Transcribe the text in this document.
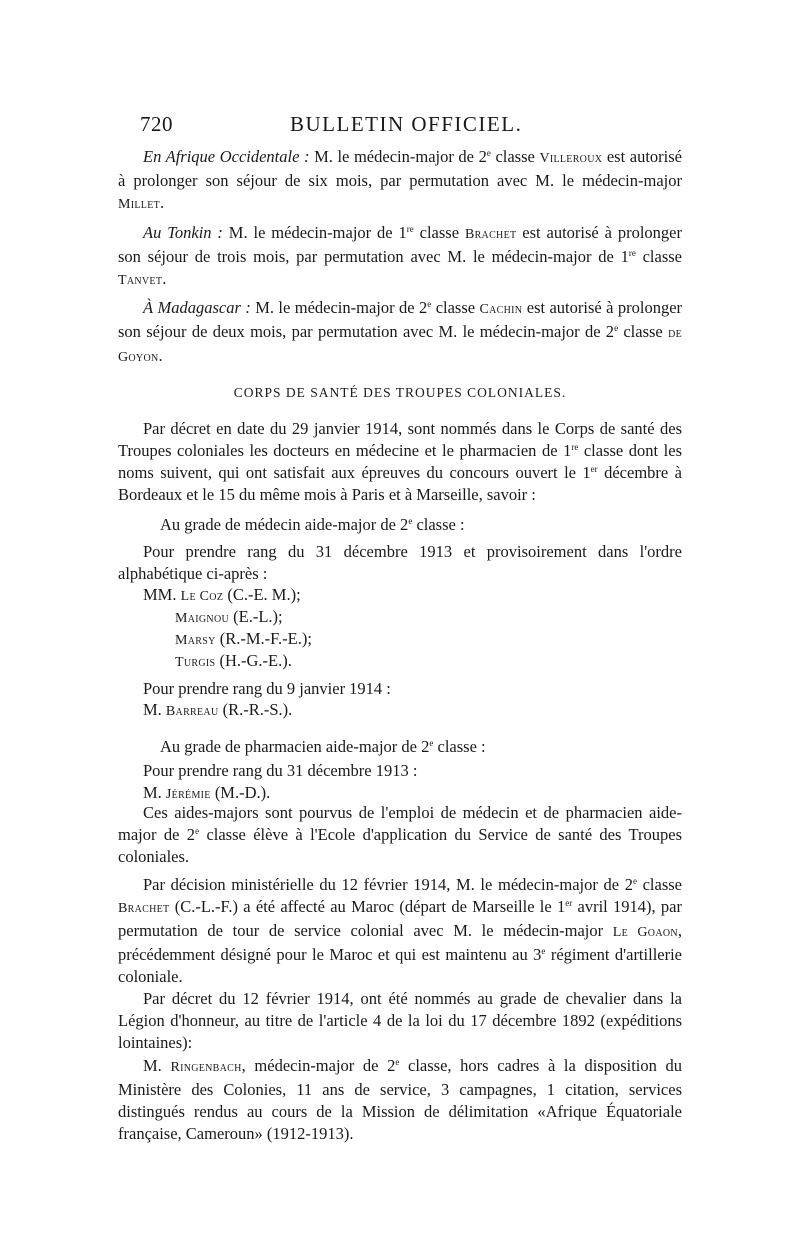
720	BULLETIN OFFICIEL.

En Afrique Occidentale : M. le médecin-major de 2e classe Villeroux est autorisé à prolonger son séjour de six mois, par permutation avec M. le médecin-major Millet.

Au Tonkin : M. le médecin-major de 1re classe Brachet est autorisé à prolonger son séjour de trois mois, par permutation avec M. le médecin-major de 1re classe Tanvet.

À Madagascar : M. le médecin-major de 2e classe Cachin est autorisé à prolonger son séjour de deux mois, par permutation avec M. le médecin-major de 2e classe de Goyon.

CORPS DE SANTÉ DES TROUPES COLONIALES.

Par décret en date du 29 janvier 1914, sont nommés dans le Corps de santé des Troupes coloniales les docteurs en médecine et le pharmacien de 1re classe dont les noms suivent, qui ont satisfait aux épreuves du concours ouvert le 1er décembre à Bordeaux et le 15 du même mois à Paris et à Marseille, savoir :

Au grade de médecin aide-major de 2e classe :

Pour prendre rang du 31 décembre 1913 et provisoirement dans l'ordre alphabétique ci-après :

MM. Le Coz (C.-E. M.);
Maignou (E.-L.);
Marsy (R.-M.-F.-E.);
Turgis (H.-G.-E.).
Pour prendre rang du 9 janvier 1914 :
M. Barreau (R.-R.-S.).
Au grade de pharmacien aide-major de 2e classe :
Pour prendre rang du 31 décembre 1913 :
M. Jérémie (M.-D.).

Ces aides-majors sont pourvus de l'emploi de médecin et de pharmacien aide-major de 2e classe élève à l'Ecole d'application du Service de santé des Troupes coloniales.

Par décision ministérielle du 12 février 1914, M. le médecin-major de 2e classe Brachet (C.-L.-F.) a été affecté au Maroc (départ de Marseille le 1er avril 1914), par permutation de tour de service colonial avec M. le médecin-major Le Goaon, précédemment désigné pour le Maroc et qui est maintenu au 3e régiment d'artillerie coloniale.

Par décret du 12 février 1914, ont été nommés au grade de chevalier dans la Légion d'honneur, au titre de l'article 4 de la loi du 17 décembre 1892 (expéditions lointaines):

M. Ringenbach, médecin-major de 2e classe, hors cadres à la disposition du Ministère des Colonies, 11 ans de service, 3 campagnes, 1 citation, services distingués rendus au cours de la Mission de délimitation «Afrique Équatoriale française, Cameroun» (1912-1913).
